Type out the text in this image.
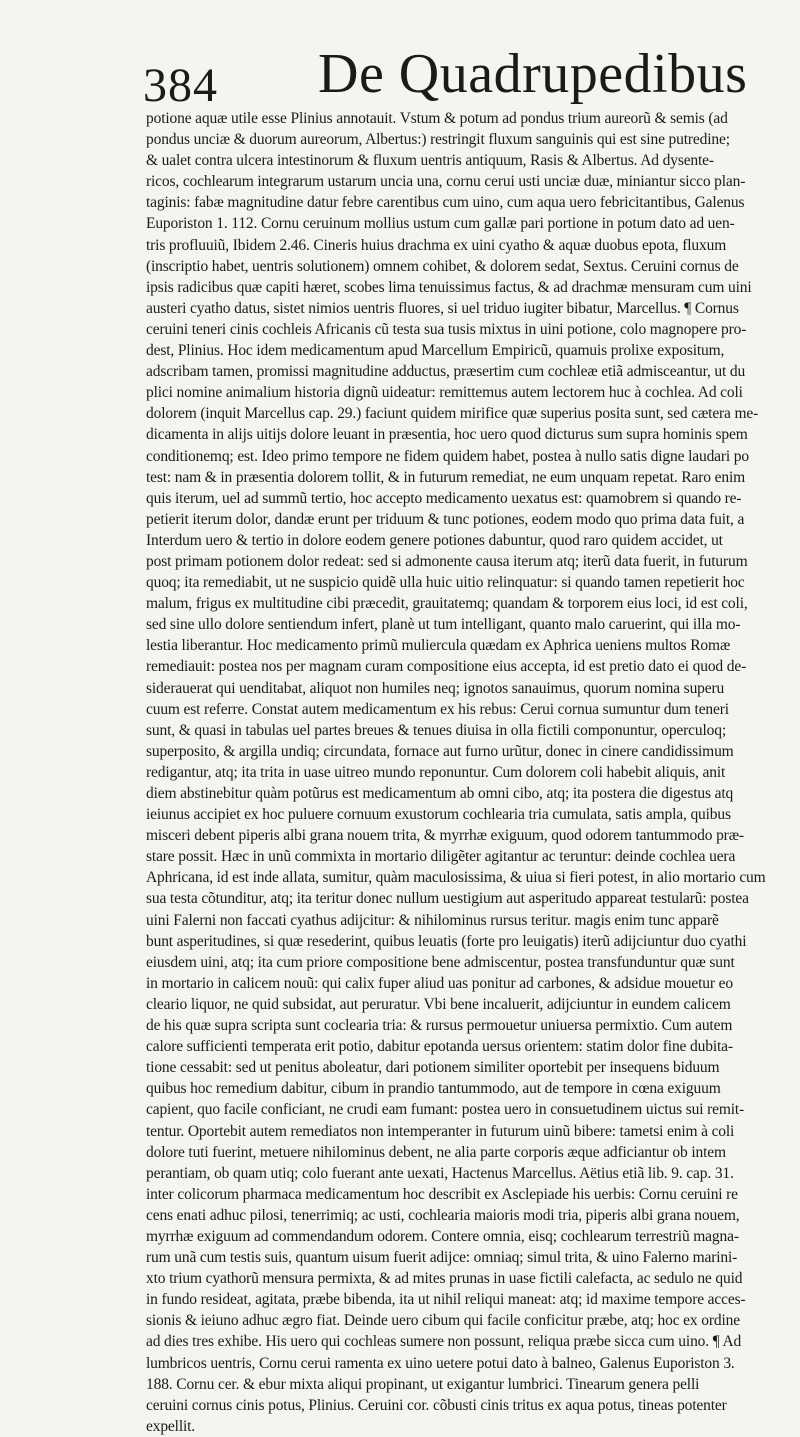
384 De Quadrupedibus
potione aquæ utile esse Plinius annotauit. Vstum & potum ad pondus trium aureorũ & semis (ad
pondus unciæ & duorum aureorum, Albertus:) restringit fluxum sanguinis qui est sine putredine;
& ualet contra ulcera intestinorum & fluxum uentris antiquum, Rasis & Albertus. Ad dysente-
ricos, cochlearum integrarum ustarum uncia una, cornu cerui usti unciæ duæ, miniantur sicco plan-
taginis: fabæ magnitudine datur febre carentibus cum uino, cum aqua uero febricitantibus, Galenus
Euporiston 1. 112. Cornu ceruinum mollius ustum cum gallæ pari portione in potum dato ad uen-
tris profluuiũ, Ibidem 2.46. Cineris huius drachma ex uini cyatho & aquæ duobus epota, fluxum
(inscriptio habet, uentris solutionem) omnem cohibet, & dolorem sedat, Sextus. Ceruini cornus de
ipsis radicibus quæ capiti hæret, scobes lima tenuissimus factus, & ad drachmæ mensuram cum uini
austeri cyatho datus, sistet nimios uentris fluores, si uel triduo iugiter bibatur, Marcellus. ¶ Cornus
ceruini teneri cinis cochleis Africanis cũ testa sua tusis mixtus in uini potione, colo magnopere pro-
dest, Plinius. Hoc idem medicamentum apud Marcellum Empiricũ, quamuis prolixe expositum,
adscribam tamen, promissi magnitudine adductus, præsertim cum cochleæ etiã admisceantur, ut du
plici nomine animalium historia dignũ uideatur: remittemus autem lectorem huc à cochlea. Ad coli
dolorem (inquit Marcellus cap. 29.) faciunt quidem mirifice quæ superius posita sunt, sed cætera me-
dicamenta in alijs uitijs dolore leuant in præsentia, hoc uero quod dicturus sum supra hominis spem
conditionemq; est. Ideo primo tempore ne fidem quidem habet, postea à nullo satis digne laudari po
test: nam & in præsentia dolorem tollit, & in futurum remediat, ne eum unquam repetat. Raro enim
quis iterum, uel ad summũ tertio, hoc accepto medicamento uexatus est: quamobrem si quando re-
petierit iterum dolor, dandæ erunt per triduum & tunc potiones, eodem modo quo prima data fuit, a
Interdum uero & tertio in dolore eodem genere potiones dabuntur, quod raro quidem accidet, ut
post primam potionem dolor redeat: sed si admonente causa iterum atq; iterũ data fuerit, in futurum
quoq; ita remediabit, ut ne suspicio quidẽ ulla huic uitio relinquatur: si quando tamen repetierit hoc
malum, frigus ex multitudine cibi præcedit, grauitatemq; quandam & torporem eius loci, id est coli,
sed sine ullo dolore sentiendum infert, planè ut tum intelligant, quanto malo caruerint, qui illa mo-
lestia liberantur. Hoc medicamento primũ muliercula quædam ex Aphrica ueniens multos Romæ
remediauit: postea nos per magnam curam compositione eius accepta, id est pretio dato ei quod de-
siderauerat qui uenditabat, aliquot non humiles neq; ignotos sanauimus, quorum nomina superu
cuum est referre. Constat autem medicamentum ex his rebus: Cerui cornua sumuntur dum teneri
sunt, & quasi in tabulas uel partes breues & tenues diuisa in olla fictili componuntur, operculoq;
superposito, & argilla undiq; circundata, fornace aut furno urũtur, donec in cinere candidissimum
redigantur, atq; ita trita in uase uitreo mundo reponuntur. Cum dolorem coli habebit aliquis, anit
diem abstinebitur quàm potũrus est medicamentum ab omni cibo, atq; ita postera die digestus atq
ieiunus accipiet ex hoc puluere cornuum exustorum cochlearia tria cumulata, satis ampla, quibus
misceri debent piperis albi grana nouem trita, & myrrhæ exiguum, quod odorem tantummodo præ-
stare possit. Hæc in unũ commixta in mortario diligẽter agitantur ac teruntur: deinde cochlea uera
Aphricana, id est inde allata, sumitur, quàm maculosissima, & uiua si fieri potest, in alio mortario cum
sua testa cõtunditur, atq; ita teritur donec nullum uestigium aut asperitudo appareat testularũ: postea
uini Falerni non faccati cyathus adijcitur: & nihilominus rursus teritur. magis enim tunc apparẽ
bunt asperitudines, si quæ resederint, quibus leuatis (forte pro leuigatis) iterũ adijciuntur duo cyathi
eiusdem uini, atq; ita cum priore compositione bene admiscentur, postea transfunduntur quæ sunt
in mortario in calicem nouũ: qui calix fuper aliud uas ponitur ad carbones, & adsidue mouetur eo
cleario liquor, ne quid subsidat, aut peruratur. Vbi bene incaluerit, adijciuntur in eundem calicem
de his quæ supra scripta sunt coclearia tria: & rursus permouetur uniuersa permixtio. Cum autem
calore sufficienti temperata erit potio, dabitur epotanda uersus orientem: statim dolor fine dubita-
tione cessabit: sed ut penitus aboleatur, dari potionem similiter oportebit per insequens biduum
quibus hoc remedium dabitur, cibum in prandio tantummodo, aut de tempore in cœna exiguum
capient, quo facile conficiant, ne crudi eam fumant: postea uero in consuetudinem uictus sui remit-
tentur. Oportebit autem remediatos non intemperanter in futurum uinũ bibere: tametsi enim à coli
dolore tuti fuerint, metuere nihilominus debent, ne alia parte corporis æque adficiantur ob intem
perantiam, ob quam utiq; colo fuerant ante uexati, Hactenus Marcellus. Aëtius etiã lib. 9. cap. 31.
inter colicorum pharmaca medicamentum hoc describit ex Asclepiade his uerbis: Cornu ceruini re
cens enati adhuc pilosi, tenerrimiq; ac usti, cochlearia maioris modi tria, piperis albi grana nouem,
myrrhæ exiguum ad commendandum odorem. Contere omnia, eisq; cochlearum terrestriũ magna-
rum unã cum testis suis, quantum uisum fuerit adijce: omniaq; simul trita, & uino Falerno marini-
xto trium cyathorũ mensura permixta, & ad mites prunas in uase fictili calefacta, ac sedulo ne quid
in fundo resideat, agitata, præbe bibenda, ita ut nihil reliqui maneat: atq; id maxime tempore acces-
sionis & ieiuno adhuc ægro fiat. Deinde uero cibum qui facile conficitur præbe, atq; hoc ex ordine
ad dies tres exhibe. His uero qui cochleas sumere non possunt, reliqua præbe sicca cum uino. ¶ Ad
lumbricos uentris, Cornu cerui ramenta ex uino uetere potui dato à balneo, Galenus Euporiston 3.
188. Cornu cer. & ebur mixta aliqui propinant, ut exigantur lumbrici. Tinearum genera pelli
ceruini cornus cinis potus, Plinius. Ceruini cor. cõbusti cinis tritus ex aqua potus, tineas potenter
expellit.
